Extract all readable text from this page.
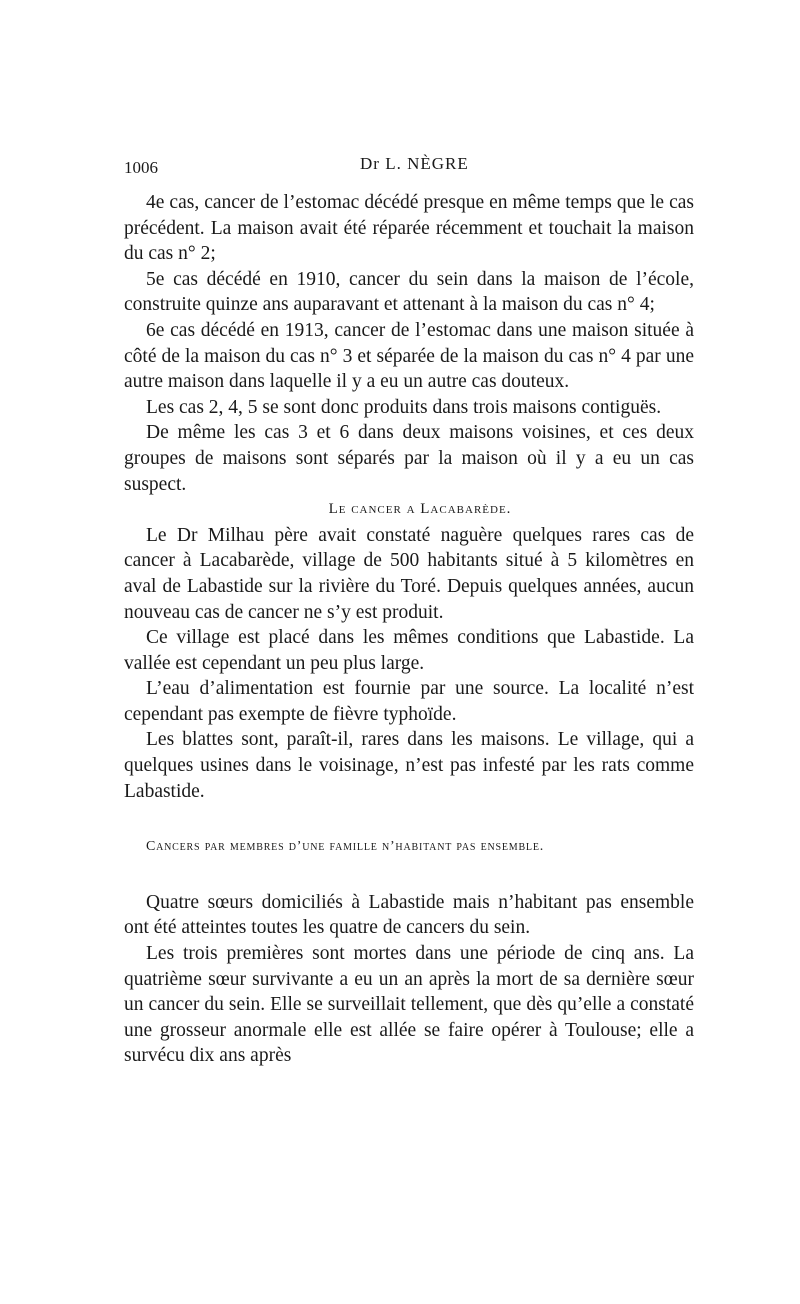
1006	Dr L. NÈGRE

4e cas, cancer de l’estomac décédé presque en même temps que le cas précédent. La maison avait été réparée récemment et touchait la maison du cas n° 2;

5e cas décédé en 1910, cancer du sein dans la maison de l’école, construite quinze ans auparavant et attenant à la maison du cas n° 4;

6e cas décédé en 1913, cancer de l’estomac dans une maison située à côté de la maison du cas n° 3 et séparée de la maison du cas n° 4 par une autre maison dans laquelle il y a eu un autre cas douteux.

Les cas 2, 4, 5 se sont donc produits dans trois maisons contiguës.

De même les cas 3 et 6 dans deux maisons voisines, et ces deux groupes de maisons sont séparés par la maison où il y a eu un cas suspect.

Le cancer a Lacabarède.

Le Dr Milhau père avait constaté naguère quelques rares cas de cancer à Lacabarède, village de 500 habitants situé à 5 kilomètres en aval de Labastide sur la rivière du Toré. Depuis quelques années, aucun nouveau cas de cancer ne s’y est produit.

Ce village est placé dans les mêmes conditions que Labastide. La vallée est cependant un peu plus large.

L’eau d’alimentation est fournie par une source. La localité n’est cependant pas exempte de fièvre typhoïde.

Les blattes sont, paraît-il, rares dans les maisons. Le village, qui a quelques usines dans le voisinage, n’est pas infesté par les rats comme Labastide.

Cancers par membres d’une famille n’habitant pas ensemble.

Quatre sœurs domiciliés à Labastide mais n’habitant pas ensemble ont été atteintes toutes les quatre de cancers du sein.

Les trois premières sont mortes dans une période de cinq ans. La quatrième sœur survivante a eu un an après la mort de sa dernière sœur un cancer du sein. Elle se surveillait tellement, que dès qu’elle a constaté une grosseur anormale elle est allée se faire opérer à Toulouse; elle a survécu dix ans après
